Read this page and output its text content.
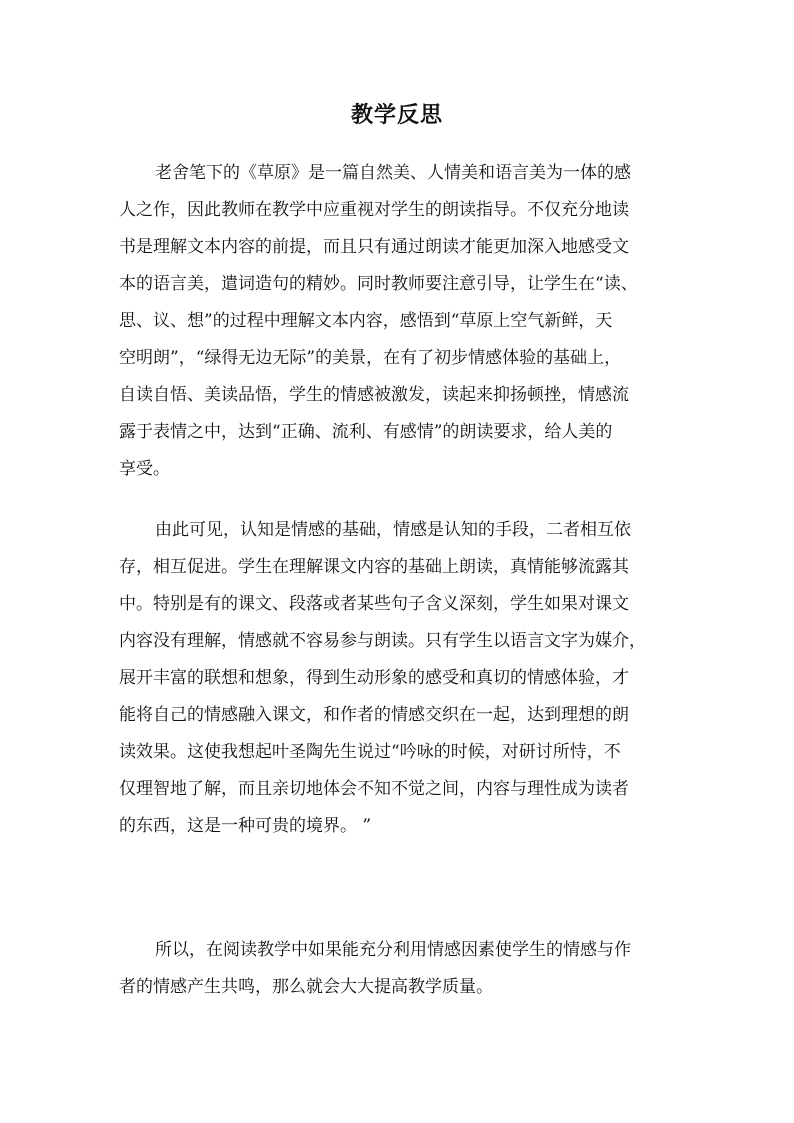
教学反思
老舍笔下的《草原》是一篇自然美、人情美和语言美为一体的感
人之作，因此教师在教学中应重视对学生的朗读指导。不仅充分地读
书是理解文本内容的前提，而且只有通过朗读才能更加深入地感受文
本的语言美，遣词造句的精妙。同时教师要注意引导，让学生在“读、
思、议、想”的过程中理解文本内容，感悟到“草原上空气新鲜，天
空明朗”，“绿得无边无际”的美景，在有了初步情感体验的基础上，
自读自悟、美读品悟，学生的情感被激发，读起来抑扬顿挫，情感流
露于表情之中，达到“正确、流利、有感情”的朗读要求，给人美的
享受。
由此可见，认知是情感的基础，情感是认知的手段，二者相互依
存，相互促进。学生在理解课文内容的基础上朗读，真情能够流露其
中。特别是有的课文、段落或者某些句子含义深刻，学生如果对课文
内容没有理解，情感就不容易参与朗读。只有学生以语言文字为媒介，
展开丰富的联想和想象，得到生动形象的感受和真切的情感体验，才
能将自己的情感融入课文，和作者的情感交织在一起，达到理想的朗
读效果。这使我想起叶圣陶先生说过“吟咏的时候，对研讨所恃，不
仅理智地了解，而且亲切地体会不知不觉之间，内容与理性成为读者
的东西，这是一种可贵的境界。 ”
所以，在阅读教学中如果能充分利用情感因素使学生的情感与作
者的情感产生共鸣，那么就会大大提高教学质量。
